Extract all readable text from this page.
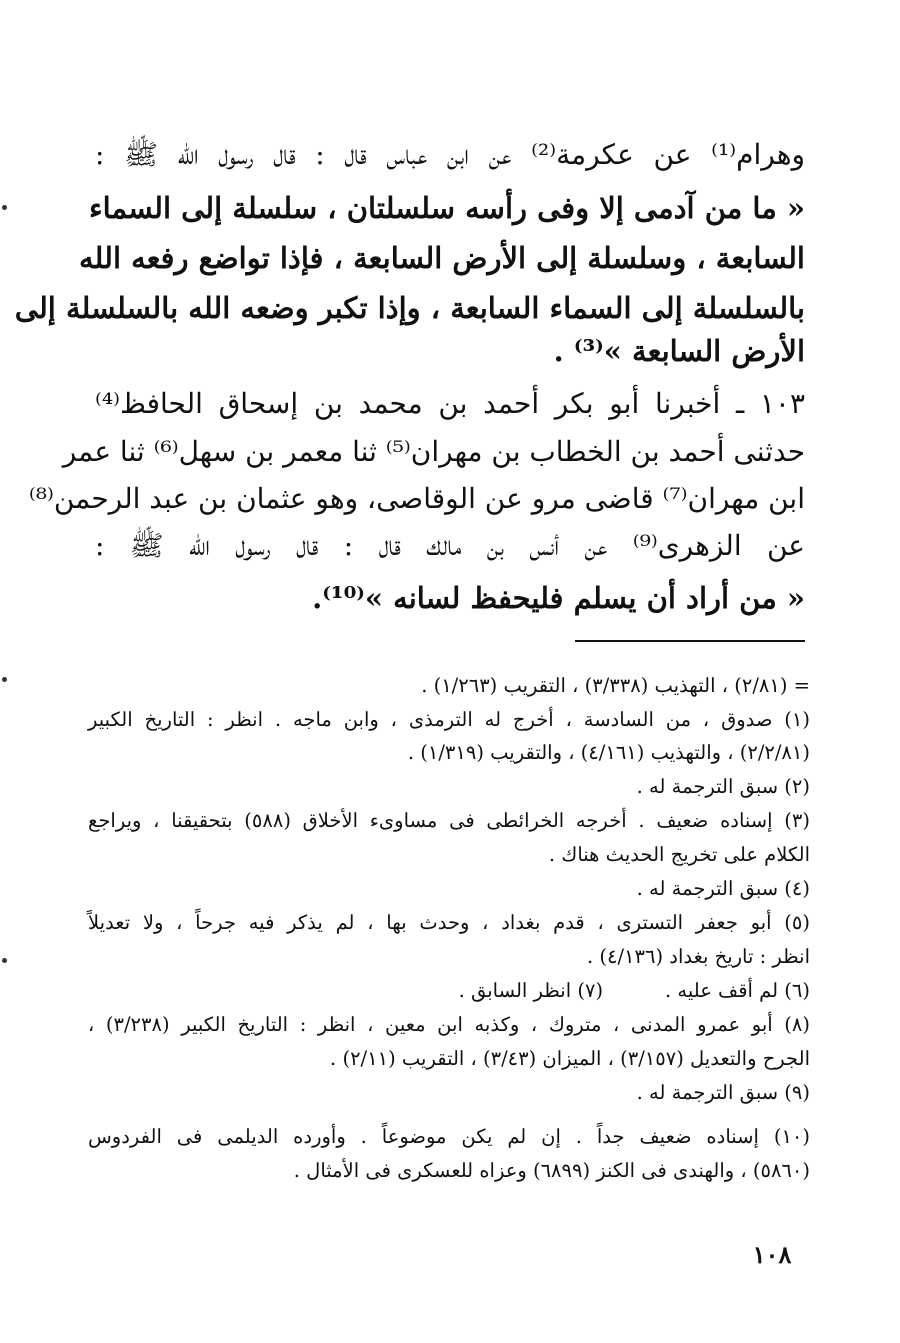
وهرام⁽¹⁾ عن عكرمة⁽²⁾ عن ابن عباس قال : قال رسول الله ﷺ :
« ما من آدمى إلا وفى رأسه سلسلتان ، سلسلة إلى السماء
السابعة ، وسلسلة إلى الأرض السابعة ، فإذا تواضع رفعه الله
بالسلسلة إلى السماء السابعة ، وإذا تكبر وضعه الله بالسلسلة إلى
الأرض السابعة »⁽³⁾ .
١٠٣ ـ أخبرنا أبو بكر أحمد بن محمد بن إسحاق الحافظ⁽⁴⁾
حدثنى أحمد بن الخطاب بن مهران⁽⁵⁾ ثنا معمر بن سهل⁽⁶⁾ ثنا عمر
ابن مهران⁽⁷⁾ قاضى مرو عن الوقاصى، وهو عثمان بن عبد الرحمن⁽⁸⁾
عن الزهرى⁽⁹⁾ عن أنس بن مالك قال : قال رسول الله ﷺ :
« من أراد أن يسلم فليحفظ لسانه »⁽¹⁰⁾.
= (٢/٨١) ، التهذيب (٣/٣٣٨) ، التقريب (١/٢٦٣) .
(١) صدوق ، من السادسة ، أخرج له الترمذى ، وابن ماجه . انظر : التاريخ الكبير
(٢/٢/٨١) ، والتهذيب (٤/١٦١) ، والتقريب (١/٣١٩) .
(٢) سبق الترجمة له .
(٣) إسناده ضعيف . أخرجه الخرائطى فى مساوىء الأخلاق (٥٨٨) بتحقيقنا ، ويراجع
الكلام على تخريج الحديث هناك .
(٤) سبق الترجمة له .
(٥) أبو جعفر التسترى ، قدم بغداد ، وحدث بها ، لم يذكر فيه جرحاً ، ولا تعديلاً
انظر : تاريخ بغداد (٤/١٣٦) .
(٦) لم أقف عليه .          (٧) انظر السابق .
(٨) أبو عمرو المدنى ، متروك ، وكذبه ابن معين ، انظر : التاريخ الكبير (٣/٢٣٨) ،
الجرح والتعديل (٣/١٥٧) ، الميزان (٣/٤٣) ، التقريب (٢/١١) .
(٩) سبق الترجمة له .
(١٠) إسناده ضعيف جداً . إن لم يكن موضوعاً . وأورده الديلمى فى الفردوس
(٥٨٦٠) ، والهندى فى الكنز (٦٨٩٩) وعزاه للعسكرى فى الأمثال .
١٠٨
